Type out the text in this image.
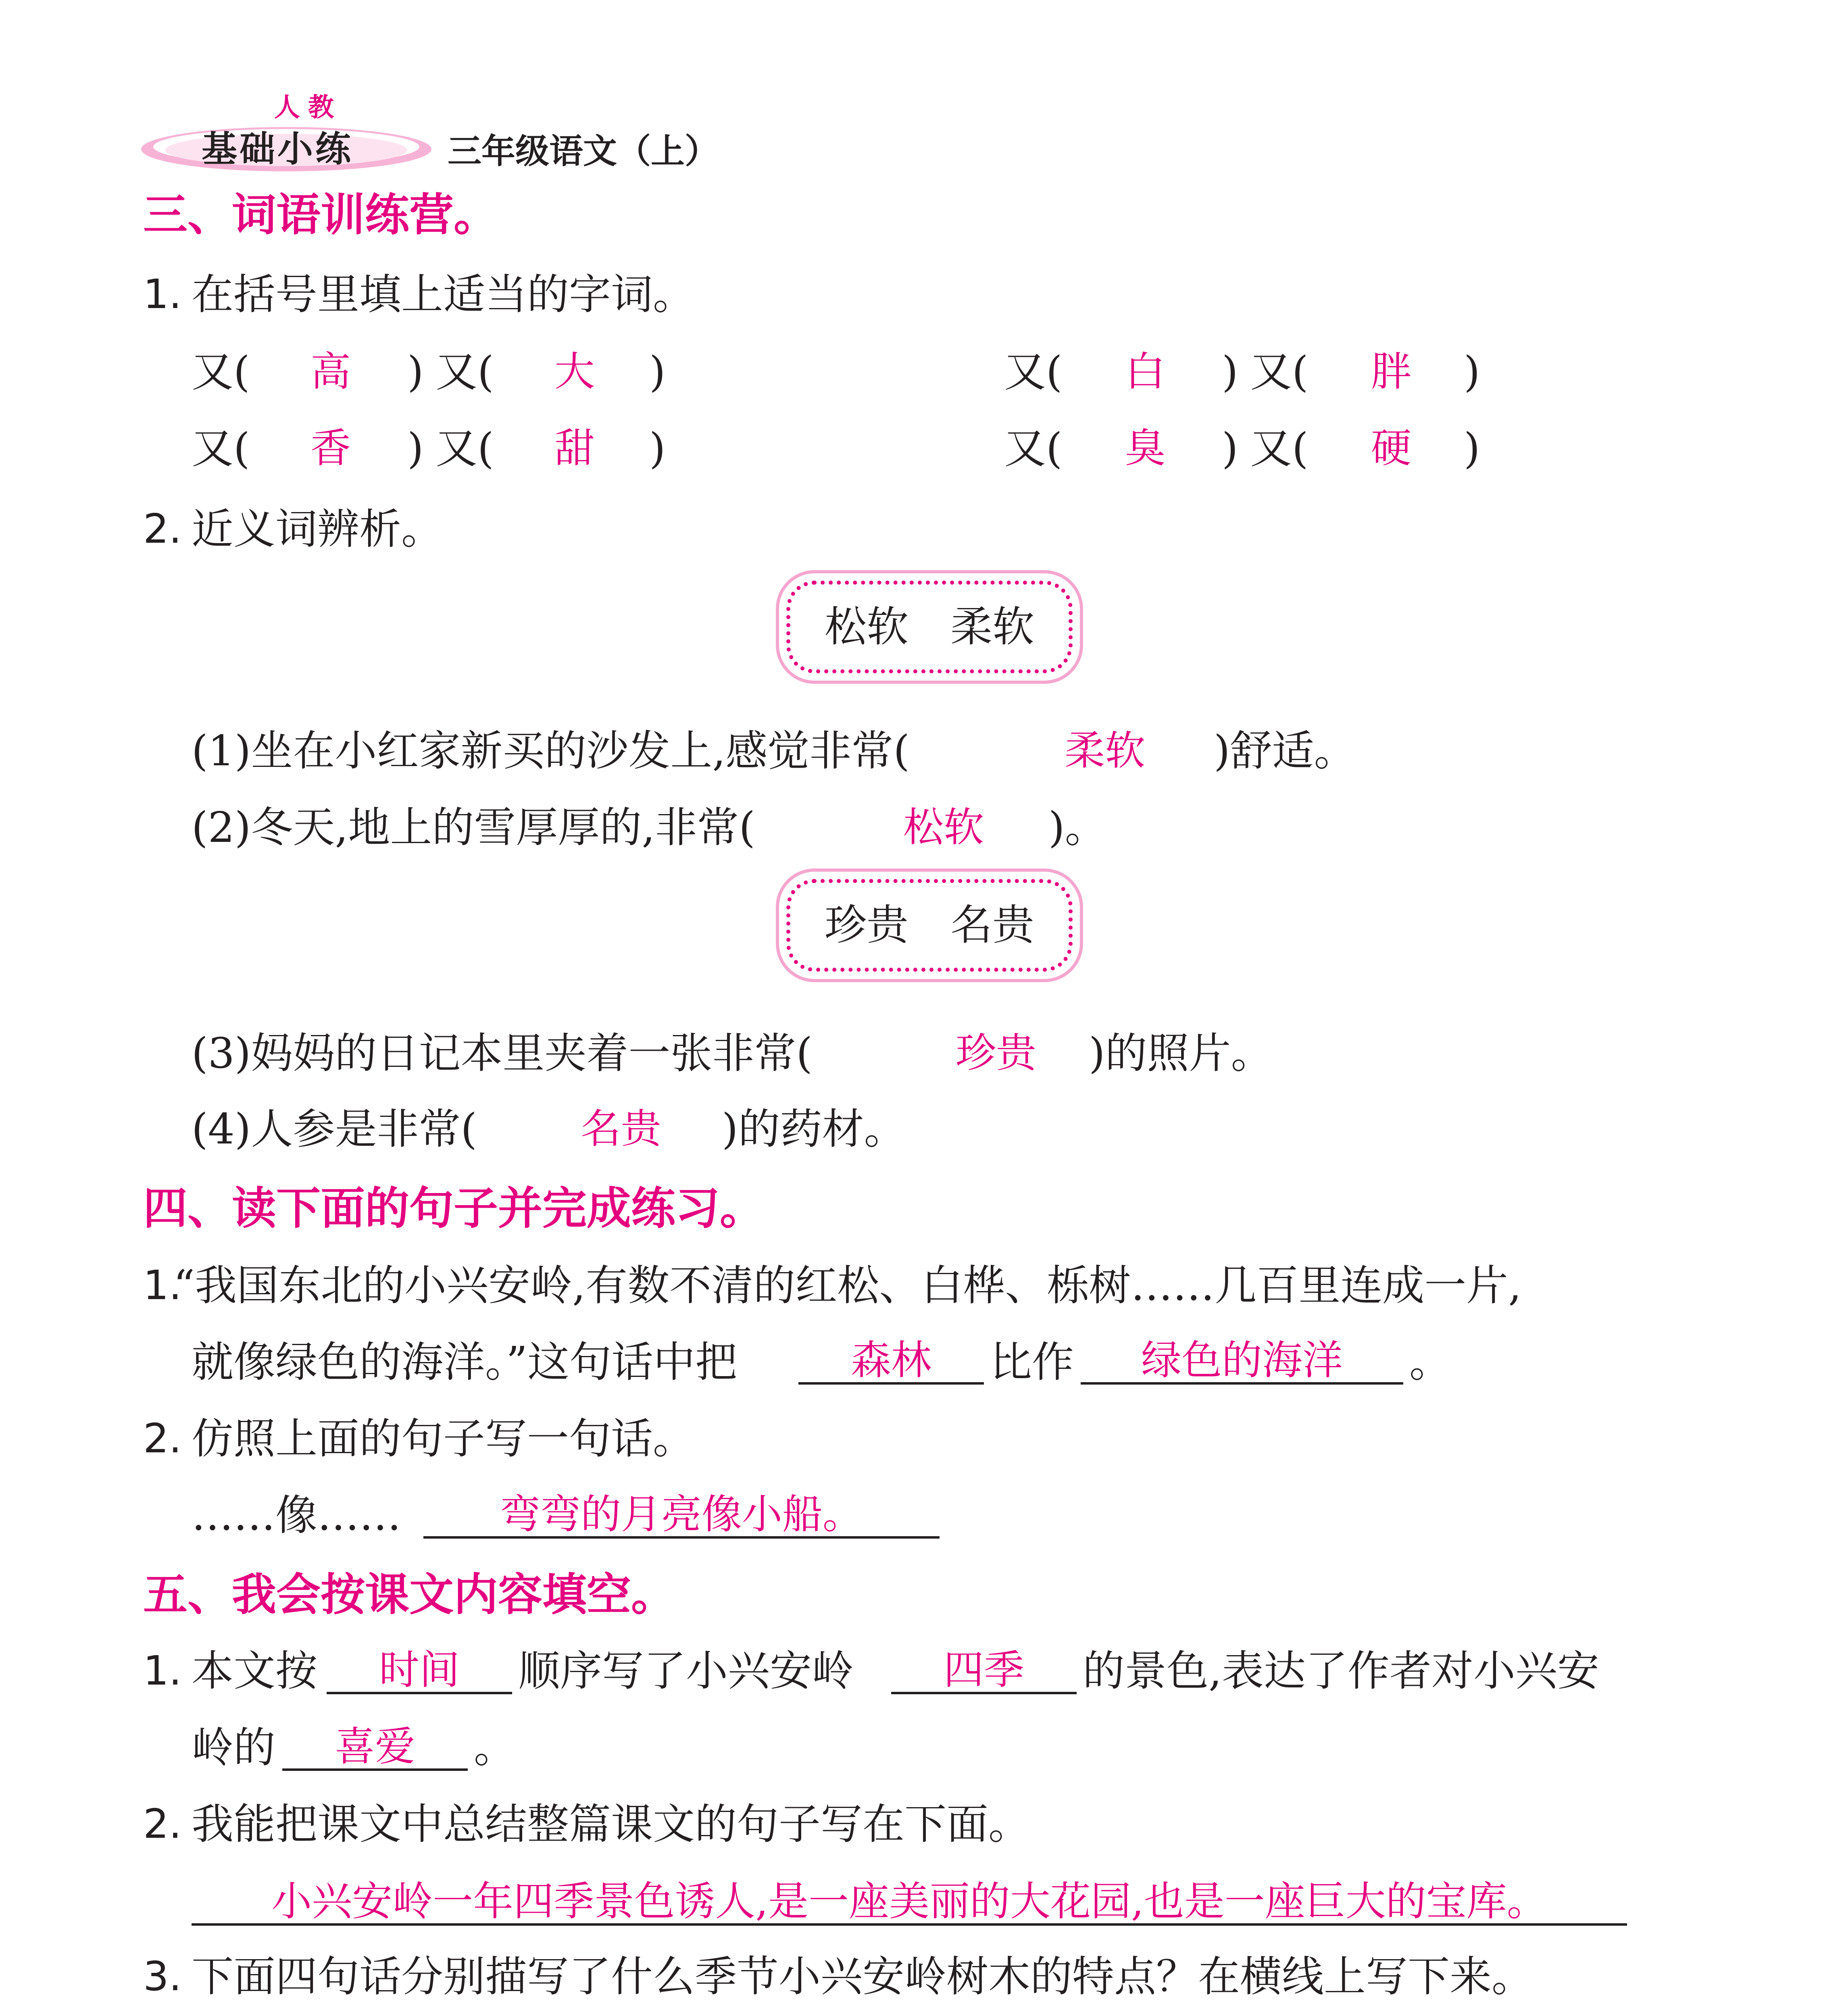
人教
基础小练	三年级语文（上）
三、词语训练营。
1. 在括号里填上适当的字词。
又( 高 ) 又( 大 )	又( 白 ) 又( 胖 )
又( 香 ) 又( 甜 )	又( 臭 ) 又( 硬 )
2. 近义词辨析。
松软　柔软
(1)坐在小红家新买的沙发上,感觉非常(	柔软 )舒适。
(2)冬天,地上的雪厚厚的,非常(	松软 )。
珍贵　名贵
(3)妈妈的日记本里夹着一张非常(	珍贵 )的照片。
(4)人参是非常(	名贵 )的药材。
四、读下面的句子并完成练习。
1.
“我国东北的小兴安岭,有数不清的红松、白桦、栎树……几百里连成一片,
就像绿色的海洋。”这句话中把	森林	比作	绿色的海洋	。
2. 仿照上面的句子写一句话。
……像……	弯弯的月亮像小船。
五、我会按课文内容填空。
1. 本文按	时间	顺序写了小兴安岭	四季	的景色,表达了作者对小兴安
岭的	喜爱	。
2. 我能把课文中总结整篇课文的句子写在下面。
小兴安岭一年四季景色诱人,是一座美丽的大花园,也是一座巨大的宝库。
3. 下面四句话分别描写了什么季节小兴安岭树木的特点？在横线上写下来。
